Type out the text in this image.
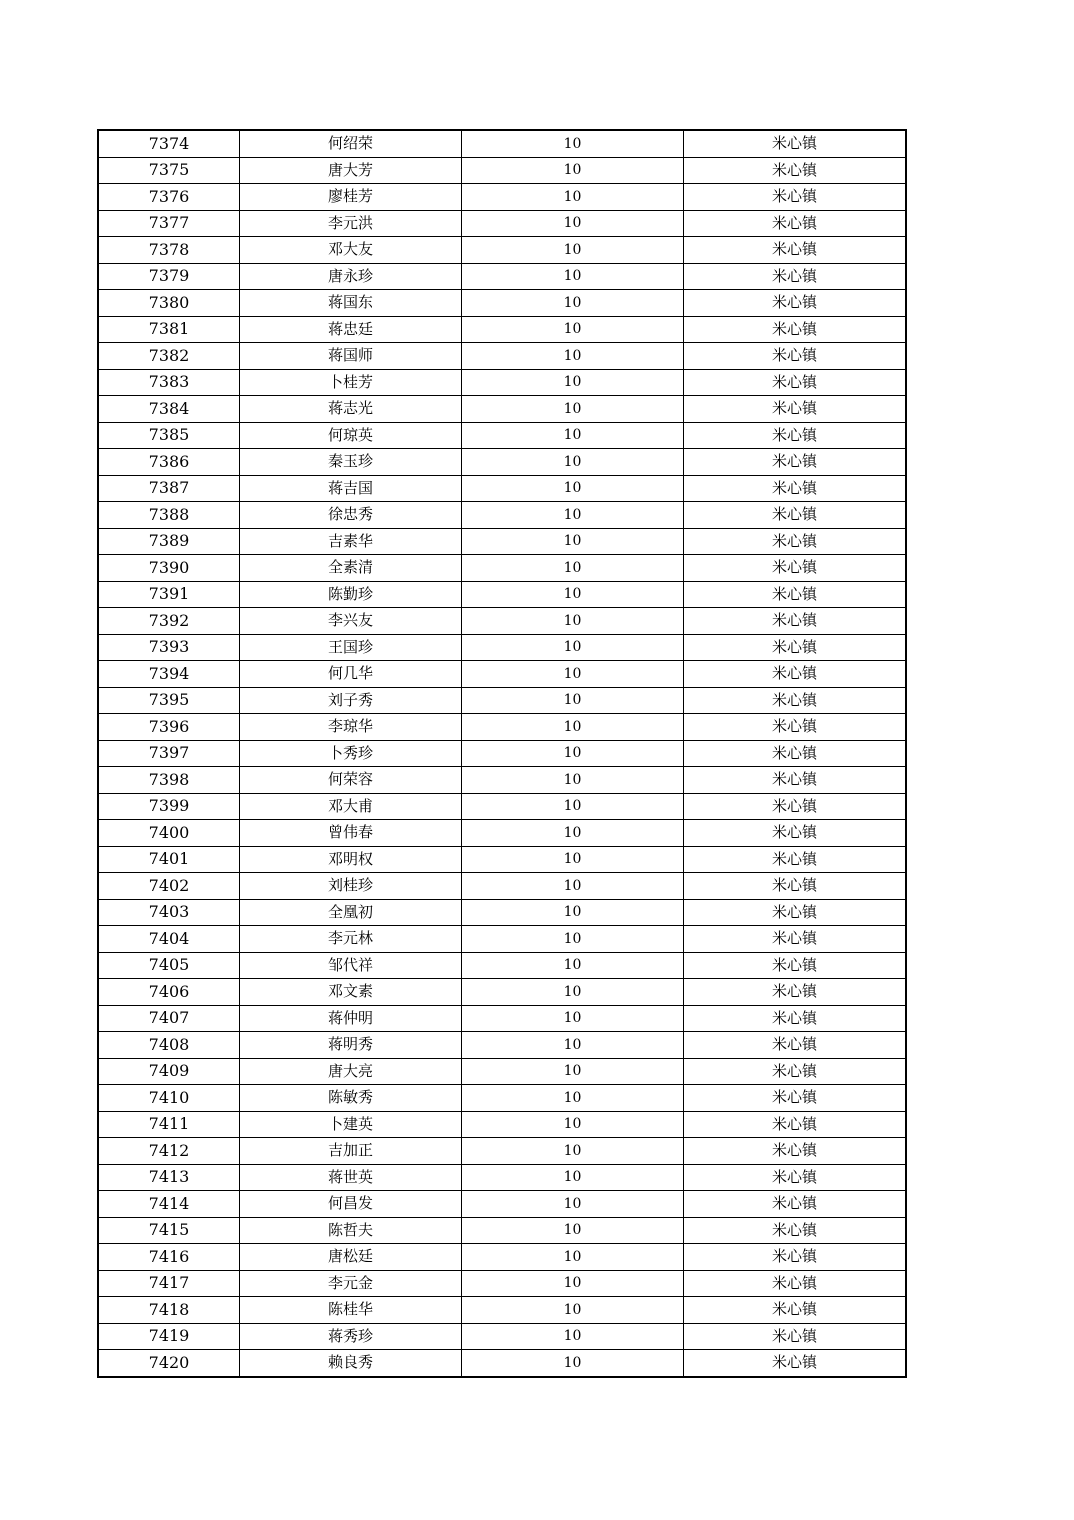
7374	何绍荣	10	米心镇
7375	唐大芳	10	米心镇
7376	廖桂芳	10	米心镇
7377	李元洪	10	米心镇
7378	邓大友	10	米心镇
7379	唐永珍	10	米心镇
7380	蒋国东	10	米心镇
7381	蒋忠廷	10	米心镇
7382	蒋国师	10	米心镇
7383	卜桂芳	10	米心镇
7384	蒋志光	10	米心镇
7385	何琼英	10	米心镇
7386	秦玉珍	10	米心镇
7387	蒋吉国	10	米心镇
7388	徐忠秀	10	米心镇
7389	吉素华	10	米心镇
7390	全素清	10	米心镇
7391	陈勤珍	10	米心镇
7392	李兴友	10	米心镇
7393	王国珍	10	米心镇
7394	何几华	10	米心镇
7395	刘子秀	10	米心镇
7396	李琼华	10	米心镇
7397	卜秀珍	10	米心镇
7398	何荣容	10	米心镇
7399	邓大甫	10	米心镇
7400	曾伟春	10	米心镇
7401	邓明权	10	米心镇
7402	刘桂珍	10	米心镇
7403	全凰初	10	米心镇
7404	李元林	10	米心镇
7405	邹代祥	10	米心镇
7406	邓文素	10	米心镇
7407	蒋仲明	10	米心镇
7408	蒋明秀	10	米心镇
7409	唐大亮	10	米心镇
7410	陈敏秀	10	米心镇
7411	卜建英	10	米心镇
7412	吉加正	10	米心镇
7413	蒋世英	10	米心镇
7414	何昌发	10	米心镇
7415	陈哲夫	10	米心镇
7416	唐松廷	10	米心镇
7417	李元金	10	米心镇
7418	陈桂华	10	米心镇
7419	蒋秀珍	10	米心镇
7420	赖良秀	10	米心镇
